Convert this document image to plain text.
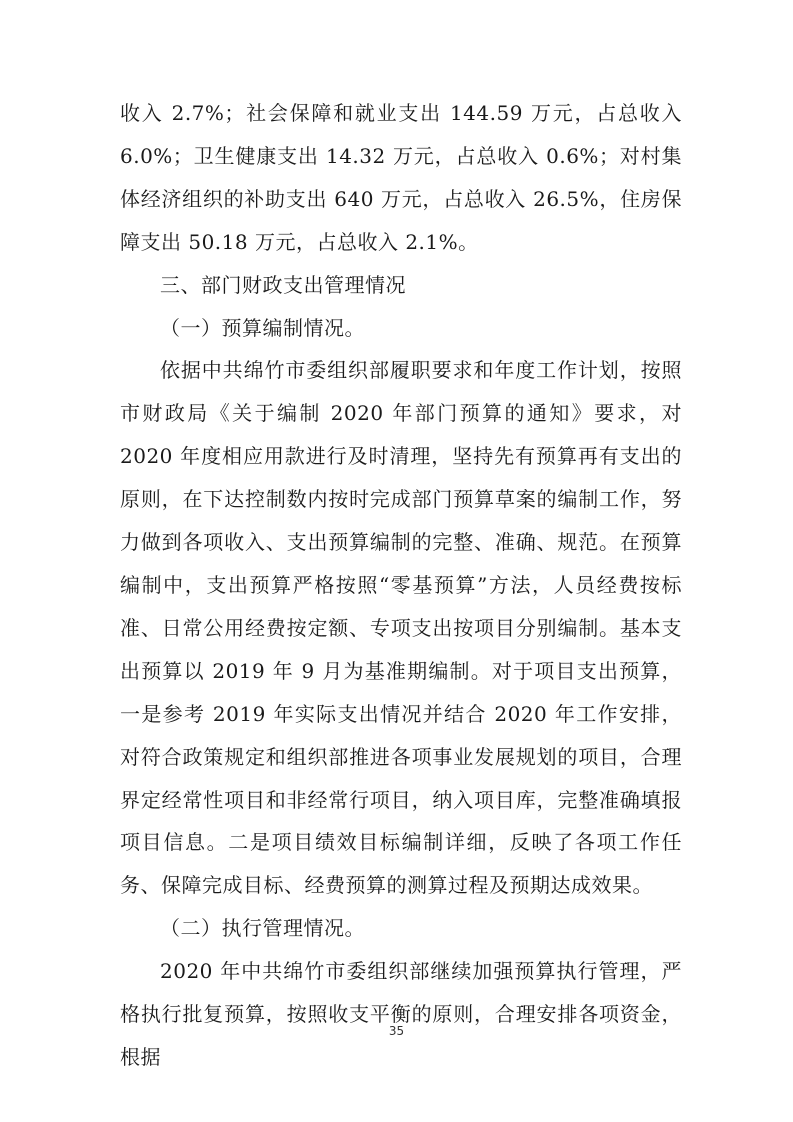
收入 2.7%；社会保障和就业支出 144.59 万元，占总收入 6.0%；卫生健康支出 14.32 万元，占总收入 0.6%；对村集体经济组织的补助支出 640 万元，占总收入 26.5%，住房保障支出 50.18 万元，占总收入 2.1%。

三、部门财政支出管理情况

（一）预算编制情况。

依据中共绵竹市委组织部履职要求和年度工作计划，按照市财政局《关于编制 2020 年部门预算的通知》要求，对 2020 年度相应用款进行及时清理，坚持先有预算再有支出的原则，在下达控制数内按时完成部门预算草案的编制工作，努力做到各项收入、支出预算编制的完整、准确、规范。在预算编制中，支出预算严格按照“零基预算”方法，人员经费按标准、日常公用经费按定额、专项支出按项目分别编制。基本支出预算以 2019 年 9 月为基准期编制。对于项目支出预算，一是参考 2019 年实际支出情况并结合 2020 年工作安排，对符合政策规定和组织部推进各项事业发展规划的项目，合理界定经常性项目和非经常行项目，纳入项目库，完整准确填报项目信息。二是项目绩效目标编制详细，反映了各项工作任务、保障完成目标、经费预算的测算过程及预期达成效果。

（二）执行管理情况。

2020 年中共绵竹市委组织部继续加强预算执行管理，严格执行批复预算，按照收支平衡的原则，合理安排各项资金，根据

35
